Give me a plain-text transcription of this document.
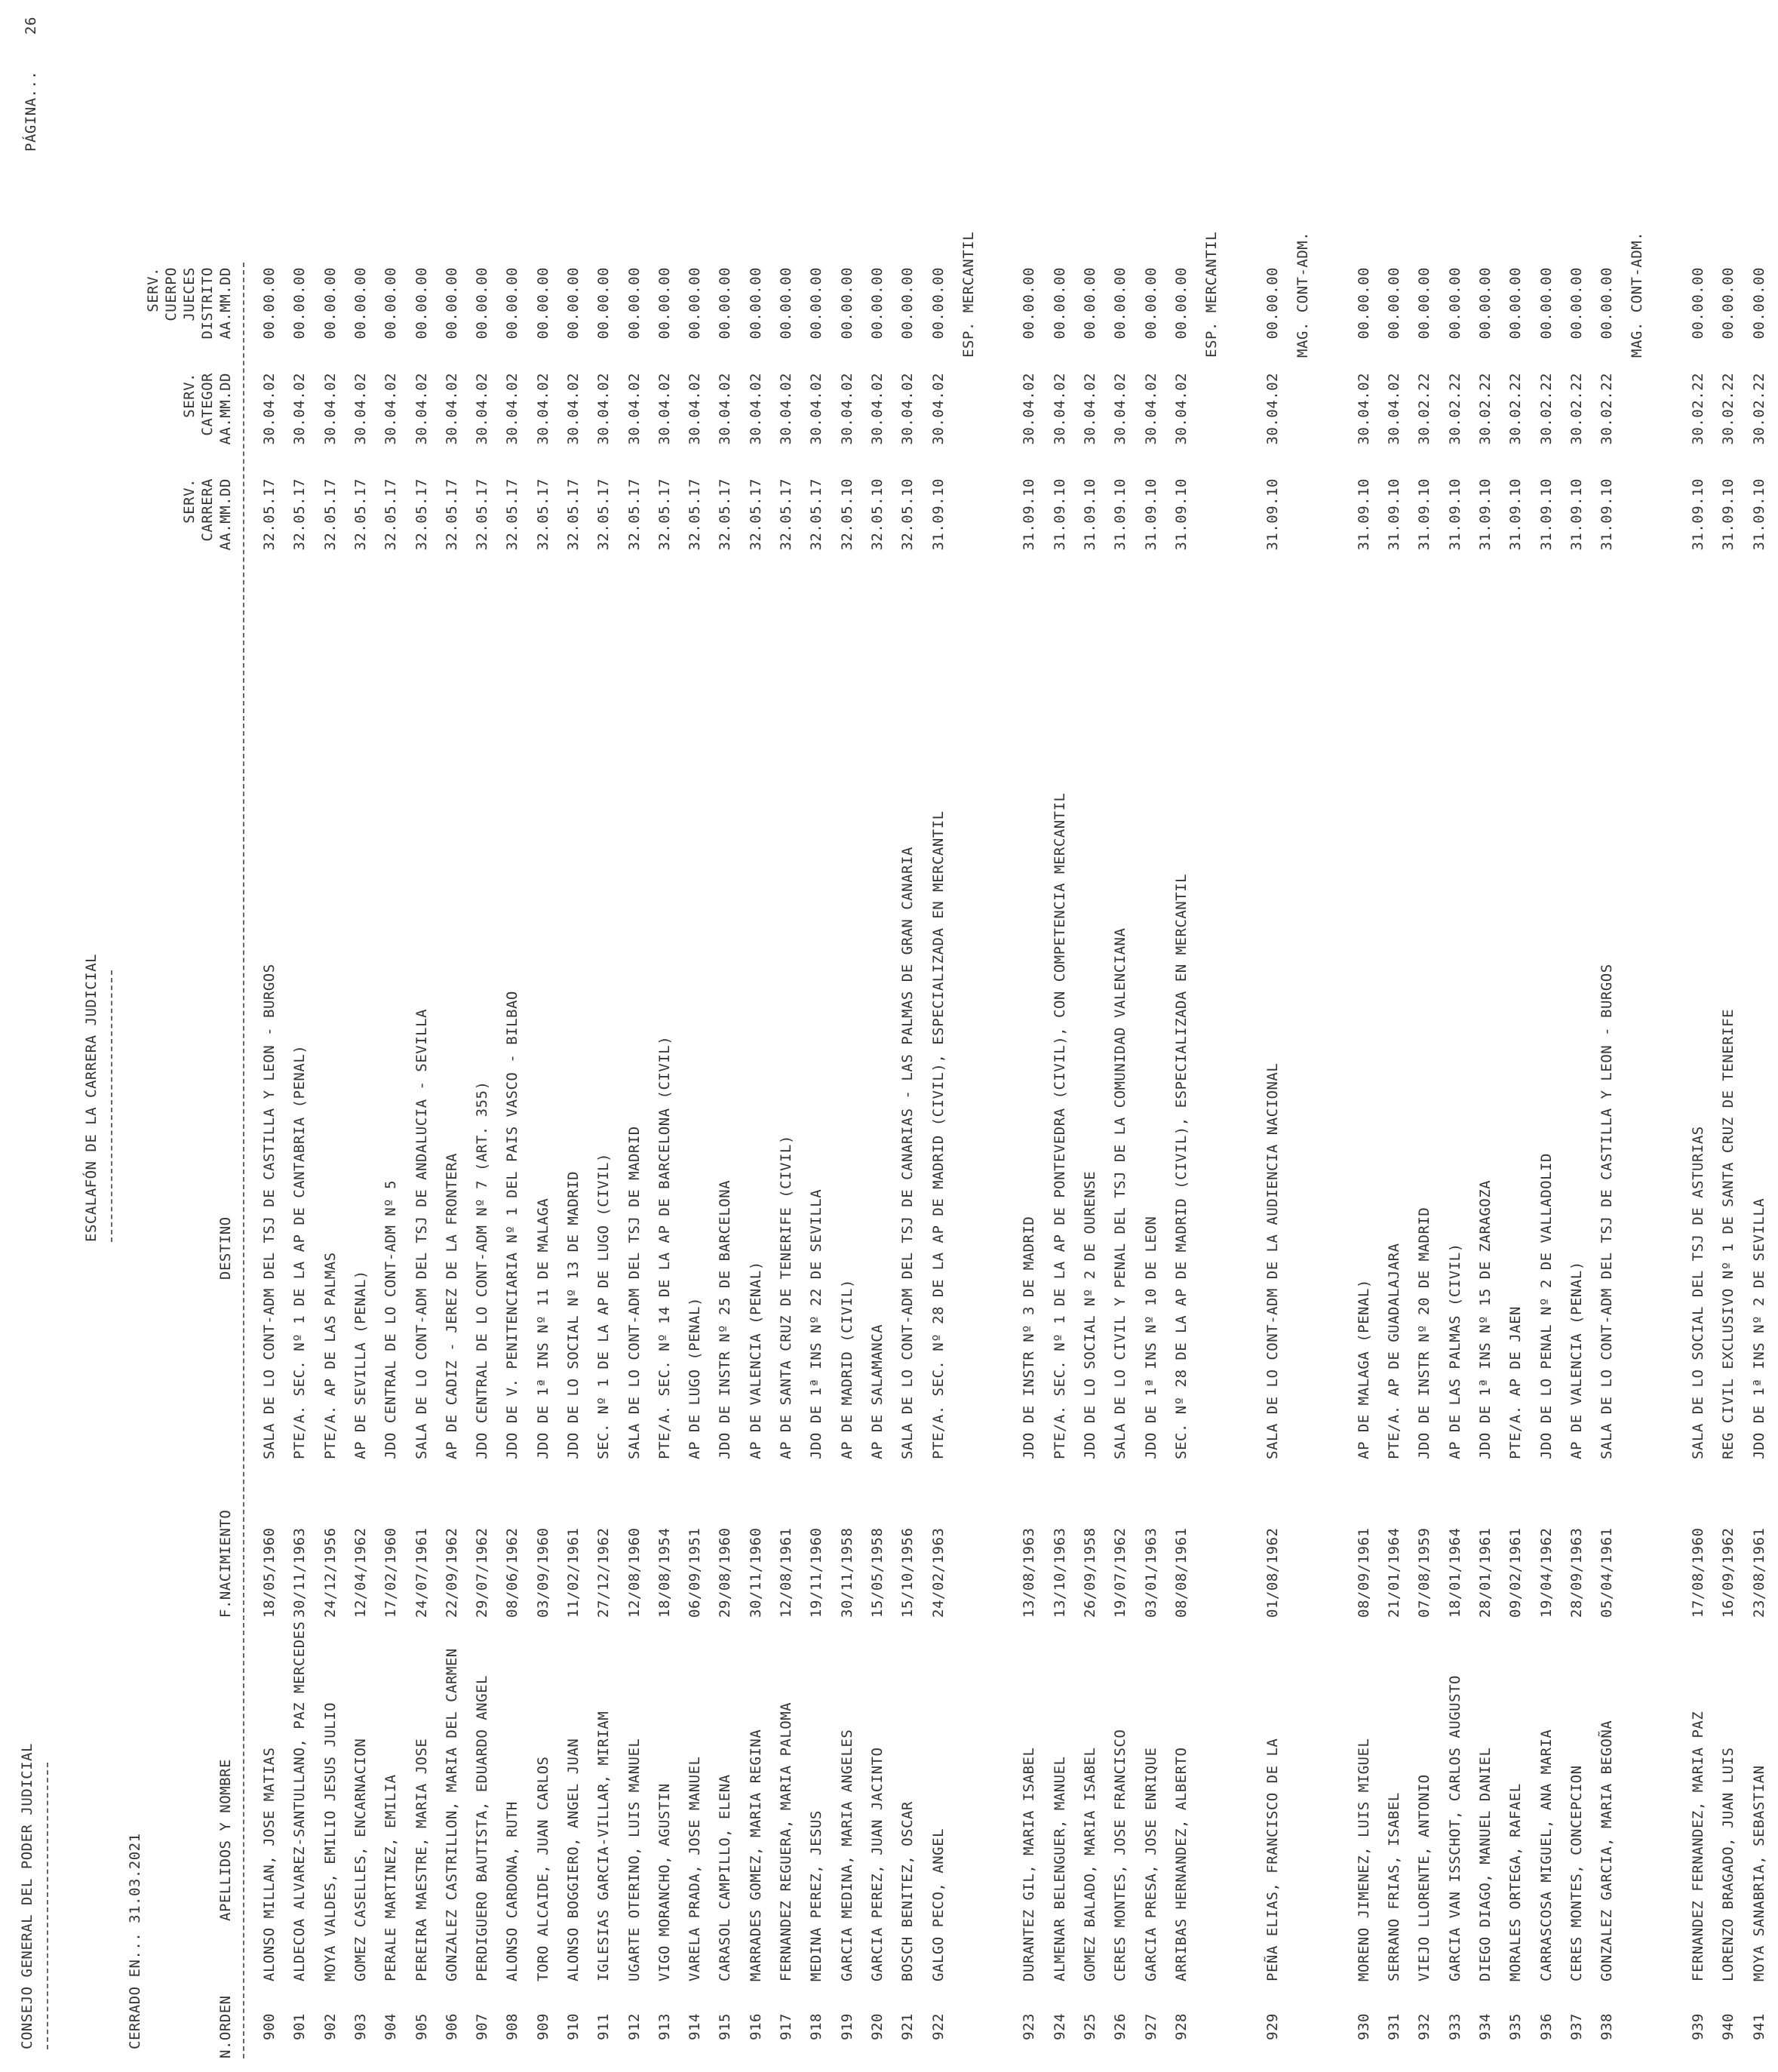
CONSEJO GENERAL DEL PODER JUDICIAL
ESCALAFÓN DE LA CARRERA JUDICIAL
PÁGINA...
26
CERRADO EN... 31.03.2021	N.ORDEN
APELLIDOS Y NOMBRE
F.NACIMIENTO
DESTINO
SERV. CARRERA AA.MM.DD
SERV. CATEGOR AA.MM.DD
SERV. CUERPO JUECES DISTRITO AA.MM.DD
900
ALONSO MILLAN, JOSE MATIAS
18/05/1960
SALA DE LO CONT-ADM DEL TSJ DE CASTILLA Y LEON - BURGOS
32.05.17
30.04.02
00.00.00
901
ALDECOA ALVAREZ-SANTULLANO, PAZ MERCEDES
30/11/1963
PTE/A. SEC. Nº 1 DE LA AP DE CANTABRIA (PENAL)
32.05.17
30.04.02
00.00.00
902
MOYA VALDES, EMILIO JESUS JULIO
24/12/1956
PTE/A. AP DE LAS PALMAS
32.05.17
30.04.02
00.00.00
903
GOMEZ CASELLES, ENCARNACION
12/04/1962
AP DE SEVILLA (PENAL)
32.05.17
30.04.02
00.00.00
904
PERALE MARTINEZ, EMILIA
17/02/1960
JDO CENTRAL DE LO CONT-ADM Nº 5
32.05.17
30.04.02
00.00.00
905
PEREIRA MAESTRE, MARIA JOSE
24/07/1961
SALA DE LO CONT-ADM DEL TSJ DE ANDALUCIA - SEVILLA
32.05.17
30.04.02
00.00.00
906
GONZALEZ CASTRILLON, MARIA DEL CARMEN
22/09/1962
AP DE CADIZ - JEREZ DE LA FRONTERA
32.05.17
30.04.02
00.00.00
907
PERDIGUERO BAUTISTA, EDUARDO ANGEL
29/07/1962
JDO CENTRAL DE LO CONT-ADM Nº 7 (ART. 355)
32.05.17
30.04.02
00.00.00
908
ALONSO CARDONA, RUTH
08/06/1962
JDO DE V. PENITENCIARIA Nº 1 DEL PAIS VASCO - BILBAO
32.05.17
30.04.02
00.00.00
909
TORO ALCAIDE, JUAN CARLOS
03/09/1960
JDO DE 1ª INS Nº 11 DE MALAGA
32.05.17
30.04.02
00.00.00
910
ALONSO BOGGIERO, ANGEL JUAN
11/02/1961
JDO DE LO SOCIAL Nº 13 DE MADRID
32.05.17
30.04.02
00.00.00
911
IGLESIAS GARCIA-VILLAR, MIRIAM
27/12/1962
SEC. Nº 1 DE LA AP DE LUGO (CIVIL)
32.05.17
30.04.02
00.00.00
912
UGARTE OTERINO, LUIS MANUEL
12/08/1960
SALA DE LO CONT-ADM DEL TSJ DE MADRID
32.05.17
30.04.02
00.00.00
913
VIGO MORANCHO, AGUSTIN
18/08/1954
PTE/A. SEC. Nº 14 DE LA AP DE BARCELONA (CIVIL)
32.05.17
30.04.02
00.00.00
914
VARELA PRADA, JOSE MANUEL
06/09/1951
AP DE LUGO (PENAL)
32.05.17
30.04.02
00.00.00
915
CARASOL CAMPILLO, ELENA
29/08/1960
JDO DE INSTR Nº 25 DE BARCELONA
32.05.17
30.04.02
00.00.00
916
MARRADES GOMEZ, MARIA REGINA
30/11/1960
AP DE VALENCIA (PENAL)
32.05.17
30.04.02
00.00.00
917
FERNANDEZ REGUERA, MARIA PALOMA
12/08/1961
AP DE SANTA CRUZ DE TENERIFE (CIVIL)
32.05.17
30.04.02
00.00.00
918
MEDINA PEREZ, JESUS
19/11/1960
JDO DE 1ª INS Nº 22 DE SEVILLA
32.05.17
30.04.02
00.00.00
919
GARCIA MEDINA, MARIA ANGELES
30/11/1958
AP DE MADRID (CIVIL)
32.05.10
30.04.02
00.00.00
920
GARCIA PEREZ, JUAN JACINTO
15/05/1958
AP DE SALAMANCA
32.05.10
30.04.02
00.00.00
921
BOSCH BENITEZ, OSCAR
15/10/1956
SALA DE LO CONT-ADM DEL TSJ DE CANARIAS - LAS PALMAS DE GRAN CANARIA
32.05.10
30.04.02
00.00.00
922
GALGO PECO, ANGEL
24/02/1963
PTE/A. SEC. Nº 28 DE LA AP DE MADRID (CIVIL), ESPECIALIZADA EN MERCANTIL
31.09.10
30.04.02
00.00.00 ESP. MERCANTIL
923
DURANTEZ GIL, MARIA ISABEL
13/08/1963
JDO DE INSTR Nº 3 DE MADRID
31.09.10
30.04.02
00.00.00
924
ALMENAR BELENGUER, MANUEL
13/10/1963
PTE/A. SEC. Nº 1 DE LA AP DE PONTEVEDRA (CIVIL), CON COMPETENCIA MERCANTIL
31.09.10
30.04.02
00.00.00
925
GOMEZ BALADO, MARIA ISABEL
26/09/1958
JDO DE LO SOCIAL Nº 2 DE OURENSE
31.09.10
30.04.02
00.00.00
926
CERES MONTES, JOSE FRANCISCO
19/07/1962
SALA DE LO CIVIL Y PENAL DEL TSJ DE LA COMUNIDAD VALENCIANA
31.09.10
30.04.02
00.00.00
927
GARCIA PRESA, JOSE ENRIQUE
03/01/1963
JDO DE 1ª INS Nº 10 DE LEON
31.09.10
30.04.02
00.00.00
928
ARRIBAS HERNANDEZ, ALBERTO
08/08/1961
SEC. Nº 28 DE LA AP DE MADRID (CIVIL), ESPECIALIZADA EN MERCANTIL
31.09.10
30.04.02
00.00.00 ESP. MERCANTIL
929
PEÑA ELIAS, FRANCISCO DE LA
01/08/1962
SALA DE LO CONT-ADM DE LA AUDIENCIA NACIONAL
31.09.10
30.04.02
00.00.00 MAG. CONT-ADM.
930
MORENO JIMENEZ, LUIS MIGUEL
08/09/1961
AP DE MALAGA (PENAL)
31.09.10
30.04.02
00.00.00
931
SERRANO FRIAS, ISABEL
21/01/1964
PTE/A. AP DE GUADALAJARA
31.09.10
30.04.02
00.00.00
932
VIEJO LLORENTE, ANTONIO
07/08/1959
JDO DE INSTR Nº 20 DE MADRID
31.09.10
30.02.22
00.00.00
933
GARCIA VAN ISSCHOT, CARLOS AUGUSTO
18/01/1964
AP DE LAS PALMAS (CIVIL)
31.09.10
30.02.22
00.00.00
934
DIEGO DIAGO, MANUEL DANIEL
28/01/1961
JDO DE 1ª INS Nº 15 DE ZARAGOZA
31.09.10
30.02.22
00.00.00
935
MORALES ORTEGA, RAFAEL
09/02/1961
PTE/A. AP DE JAEN
31.09.10
30.02.22
00.00.00
936
CARRASCOSA MIGUEL, ANA MARIA
19/04/1962
JDO DE LO PENAL Nº 2 DE VALLADOLID
31.09.10
30.02.22
00.00.00
937
CERES MONTES, CONCEPCION
28/09/1963
AP DE VALENCIA (PENAL)
31.09.10
30.02.22
00.00.00
938
GONZALEZ GARCIA, MARIA BEGOÑA
05/04/1961
SALA DE LO CONT-ADM DEL TSJ DE CASTILLA Y LEON - BURGOS
31.09.10
30.02.22
00.00.00 MAG. CONT-ADM.
939
FERNANDEZ FERNANDEZ, MARIA PAZ
17/08/1960
SALA DE LO SOCIAL DEL TSJ DE ASTURIAS
31.09.10
30.02.22
00.00.00
940
LORENZO BRAGADO, JUAN LUIS
16/09/1962
REG CIVIL EXCLUSIVO Nº 1 DE SANTA CRUZ DE TENERIFE
31.09.10
30.02.22
00.00.00
941
MOYA SANABRIA, SEBASTIAN
23/08/1961
JDO DE 1ª INS Nº 2 DE SEVILLA
31.09.10
30.02.22
00.00.00
